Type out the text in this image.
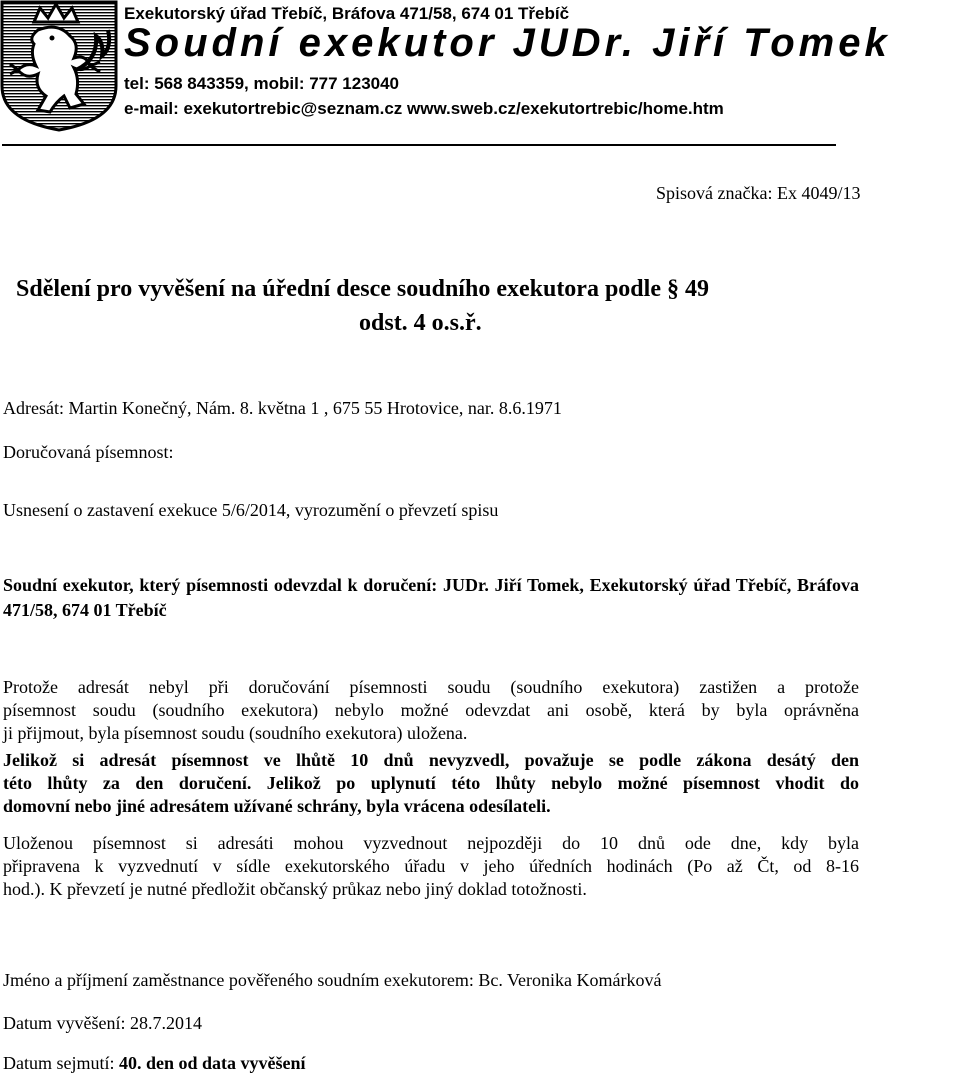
Exekutorský úřad Třebíč, Bráfova 471/58, 674 01 Třebíč
Soudní exekutor JUDr. Jiří Tomek
tel: 568 843359, mobil: 777 123040
e-mail: exekutortrebic@seznam.cz www.sweb.cz/exekutortrebic/home.htm
Spisová značka: Ex 4049/13
Sdělení pro vyvěšení na úřední desce soudního exekutora podle § 49
odst. 4 o.s.ř.
Adresát: Martin Konečný, Nám. 8. května 1 , 675 55 Hrotovice, nar. 8.6.1971
Doručovaná písemnost:
Usnesení o zastavení exekuce 5/6/2014, vyrozumění o převzetí spisu
Soudní exekutor, který písemnosti odevzdal k doručení: JUDr. Jiří Tomek, Exekutorský úřad Třebíč, Bráfova 471/58, 674 01 Třebíč
Protože adresát nebyl při doručování písemnosti soudu (soudního exekutora) zastižen a protože
písemnost soudu (soudního exekutora) nebylo možné odevzdat ani osobě, která by byla oprávněna
ji přijmout, byla písemnost soudu (soudního exekutora) uložena.
Jelikož si adresát písemnost ve lhůtě 10 dnů nevyzvedl, považuje se podle zákona desátý den
této lhůty za den doručení. Jelikož po uplynutí této lhůty nebylo možné písemnost vhodit do
domovní nebo jiné adresátem užívané schrány, byla vrácena odesílateli.
Uloženou písemnost si adresáti mohou vyzvednout nejpozději do 10 dnů ode dne, kdy byla
připravena k vyzvednutí v sídle exekutorského úřadu v jeho úředních hodinách (Po až Čt, od 8-16
hod.). K převzetí je nutné předložit občanský průkaz nebo jiný doklad totožnosti.
Jméno a příjmení zaměstnance pověřeného soudním exekutorem: Bc. Veronika Komárková
Datum vyvěšení: 28.7.2014
Datum sejmutí: 40. den od data vyvěšení
